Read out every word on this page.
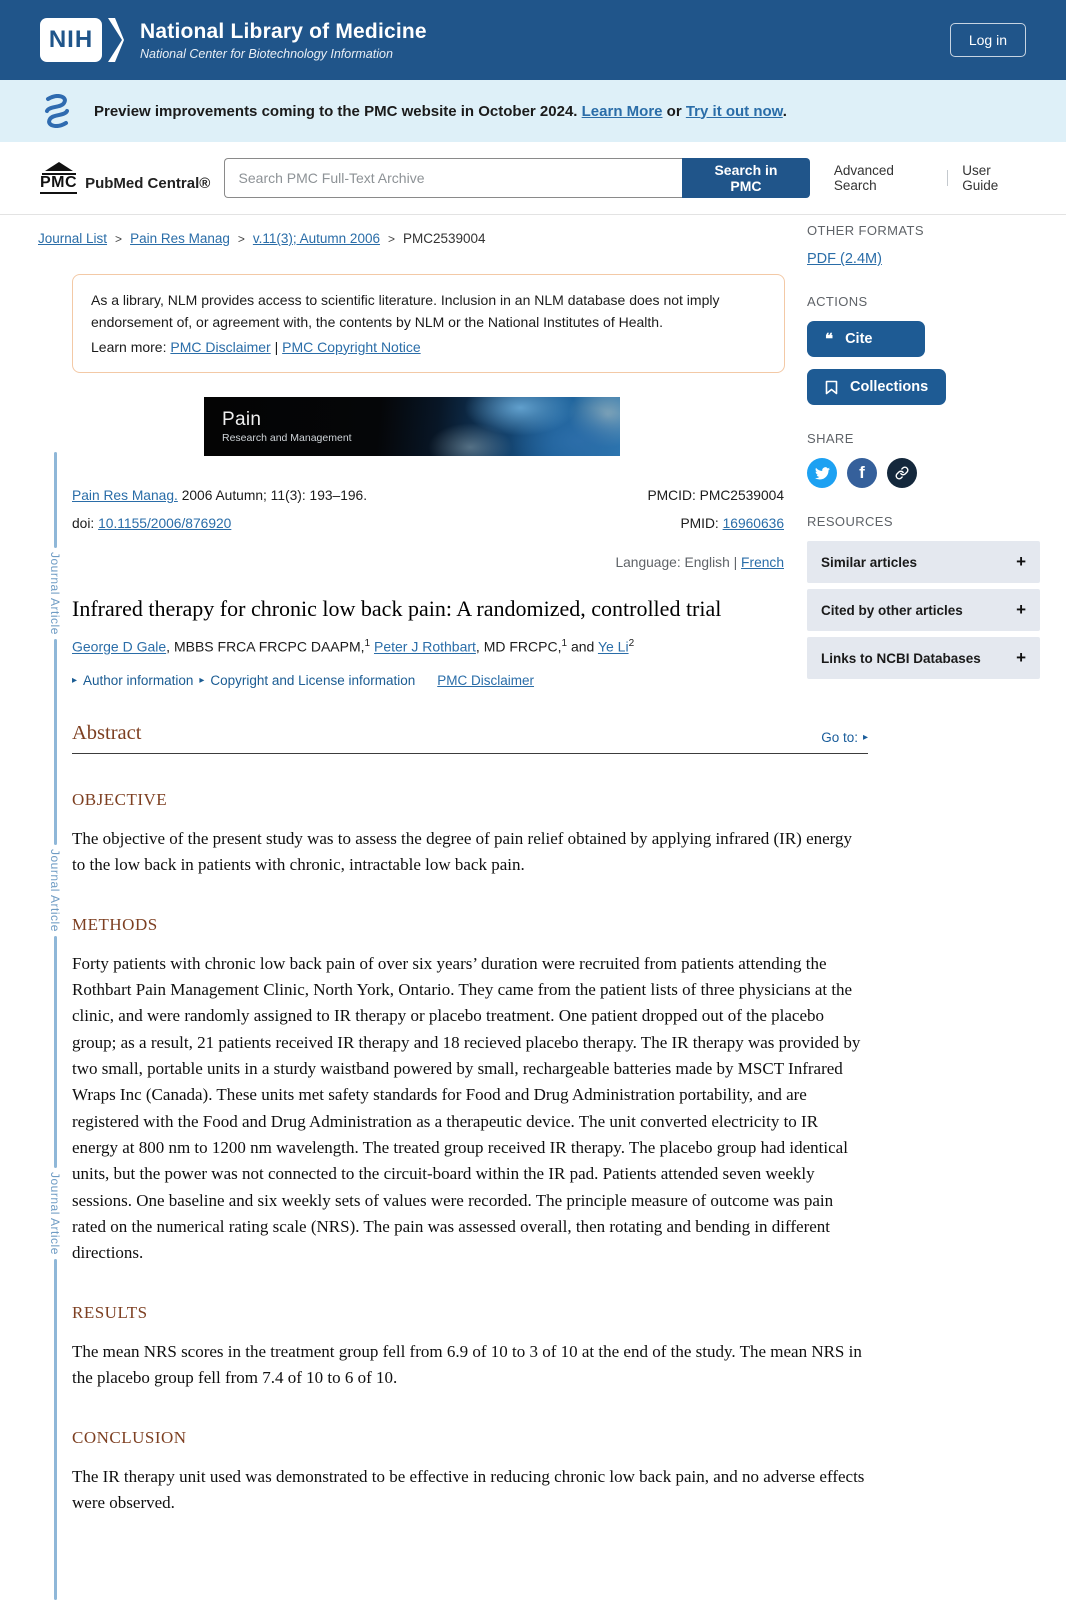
NIH	National Library of Medicine
National Center for Biotechnology Information
Log in
Preview improvements coming to the PMC website in October 2024. Learn More or Try it out now.
PMC PubMed Central®
Search PMC Full-Text Archive
Search in PMC
Advanced Search
User Guide
Journal Article
Journal Article
Journal Article
Journal List > Pain Res Manag > v.11(3); Autumn 2006 > PMC2539004
OTHER FORMATS
PDF (2.4M)
ACTIONS
❝ Cite
Collections
SHARE
f
RESOURCES
Similar articles	+
Cited by other articles	+
Links to NCBI Databases +
As a library, NLM provides access to scientific literature. Inclusion in an NLM database does not imply endorsement of, or agreement with, the contents by NLM or the National Institutes of Health.
Learn more: PMC Disclaimer | PMC Copyright Notice
Pain
Research and Management
Pain Res Manag. 2006 Autumn; 11(3): 193–196.
doi: 10.1155/2006/876920
PMCID: PMC2539004
PMID: 16960636
Language: English | French
Infrared therapy for chronic low back pain: A randomized, controlled trial
George D Gale, MBBS FRCA FRCPC DAAPM,$^1$ Peter J Rothbart, MD FRCPC,$^1$ and Ye Li$^2$
▸ Author information ▸ Copyright and License information PMC Disclaimer
Abstract	Go to: ▸
OBJECTIVE

The objective of the present study was to assess the degree of pain relief obtained by applying infrared (IR) energy to the low back in patients with chronic, intractable low back pain.

METHODS

Forty patients with chronic low back pain of over six years’ duration were recruited from patients attending the Rothbart Pain Management Clinic, North York, Ontario. They came from the patient lists of three physicians at the clinic, and were randomly assigned to IR therapy or placebo treatment. One patient dropped out of the placebo group; as a result, 21 patients received IR therapy and 18 recieved placebo therapy. The IR therapy was provided by two small, portable units in a sturdy waistband powered by small, rechargeable batteries made by MSCT Infrared Wraps Inc (Canada). These units met safety standards for Food and Drug Administration portability, and are registered with the Food and Drug Administration as a therapeutic device. The unit converted electricity to IR energy at 800 nm to 1200 nm wavelength. The treated group received IR therapy. The placebo group had identical units, but the power was not connected to the circuit-board within the IR pad. Patients attended seven weekly sessions. One baseline and six weekly sets of values were recorded. The principle measure of outcome was pain rated on the numerical rating scale (NRS). The pain was assessed overall, then rotating and bending in different directions.

RESULTS

The mean NRS scores in the treatment group fell from 6.9 of 10 to 3 of 10 at the end of the study. The mean NRS in the placebo group fell from 7.4 of 10 to 6 of 10.

CONCLUSION

The IR therapy unit used was demonstrated to be effective in reducing chronic low back pain, and no adverse effects were observed.
